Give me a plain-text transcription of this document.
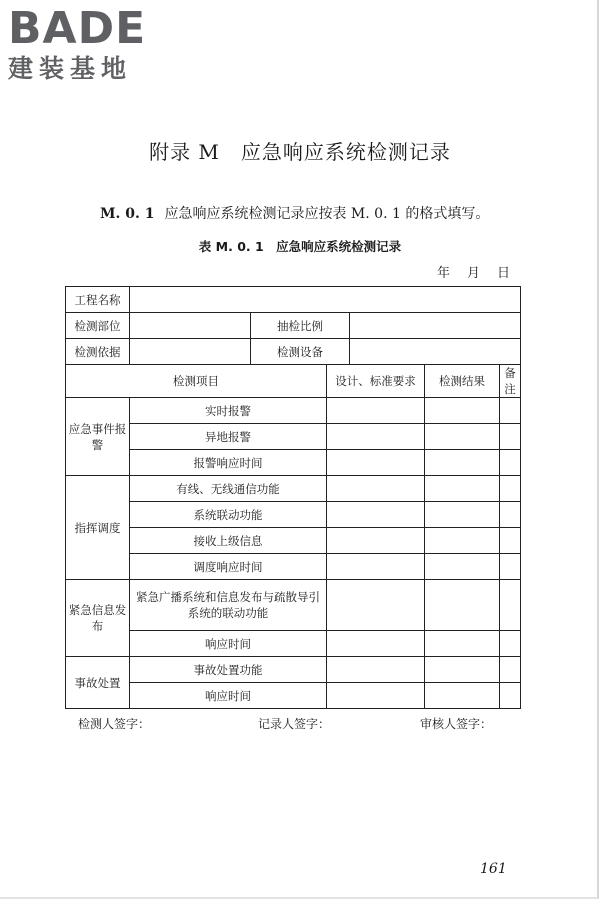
BADE
建装基地
附录 M　应急响应系统检测记录
M. 0. 1 应急响应系统检测记录应按表 M. 0. 1 的格式填写。
表 M. 0. 1　应急响应系统检测记录
年月日
工程名称						
检测部位		抽检比例				
检测依据		检测设备				
检测项目			设计、标准要求		检测结果	备注
应急事件报警	实时报警					
	异地报警					
	报警响应时间					
指挥调度	有线、无线通信功能					
	系统联动功能					
	接收上级信息					
	调度响应时间					
紧急信息发布	紧急广播系统和信息发布与疏散导引系统的联动功能					
	响应时间					
事故处置	事故处置功能					
	响应时间					
检测人签字：	记录人签字：	审核人签字：
161
